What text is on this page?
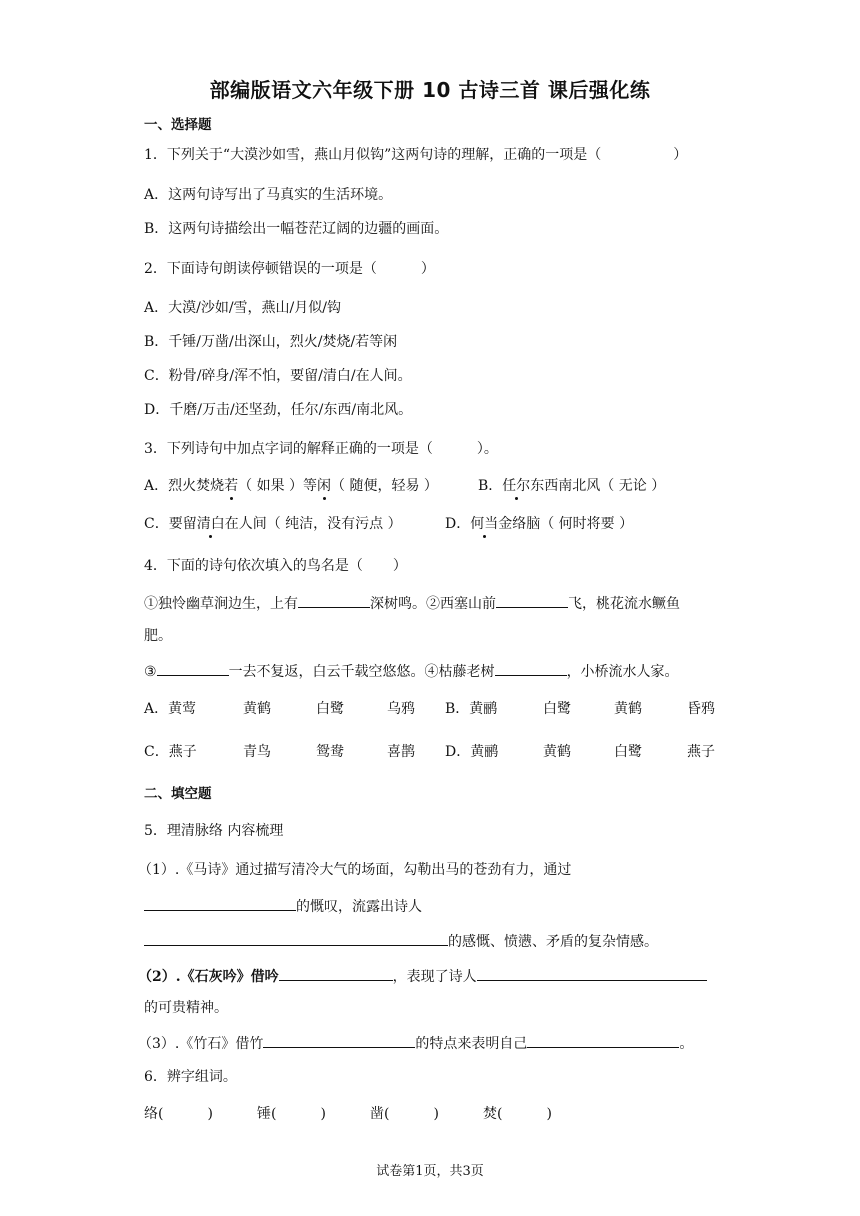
部编版语文六年级下册 10 古诗三首 课后强化练
一、选择题
1．下列关于“大漠沙如雪，燕山月似钩”这两句诗的理解，正确的一项是（	）
A．这两句诗写出了马真实的生活环境。
B．这两句诗描绘出一幅苍茫辽阔的边疆的画面。
2．下面诗句朗读停顿错误的一项是（	）
A．大漠/沙如/雪，燕山/月似/钩
B．千锤/万凿/出深山，烈火/焚烧/若等闲
C．粉骨/碎身/浑不怕，要留/清白/在人间。
D．千磨/万击/还坚劲，任尔/东西/南北风。
3．下列诗句中加点字词的解释正确的一项是（	）。
A．烈火焚烧若（ 如果 ）等闲（ 随便，轻易 ）	B．任尔东西南北风（ 无论 ）
C．要留清白在人间（ 纯洁，没有污点 ）	D．何当金络脑（ 何时将要 ）
4．下面的诗句依次填入的鸟名是（ ）
①独怜幽草涧边生，上有	深树鸣。②西塞山前	飞，桃花流水鳜鱼
肥。
③	一去不复返，白云千载空悠悠。④枯藤老树	，小桥流水人家。
A．黄莺	黄鹤	白鹭	乌鸦 B．黄鹂	白鹭	黄鹤	昏鸦
C．燕子	青鸟	鸳鸯	喜鹊 D．黄鹂	黄鹤	白鹭	燕子
二、填空题
5．理清脉络 内容梳理
（1）.《马诗》通过描写清冷大气的场面，勾勒出马的苍劲有力，通过
的慨叹，流露出诗人
的感慨、愤懑、矛盾的复杂情感。
（2）.《石灰吟》借吟	，表现了诗人
的可贵精神。
（3）.《竹石》借竹	的特点来表明自己	。
6．辨字组词。
络(	)	锤(	)	凿(	)	焚(	)
试卷第1页，共3页
